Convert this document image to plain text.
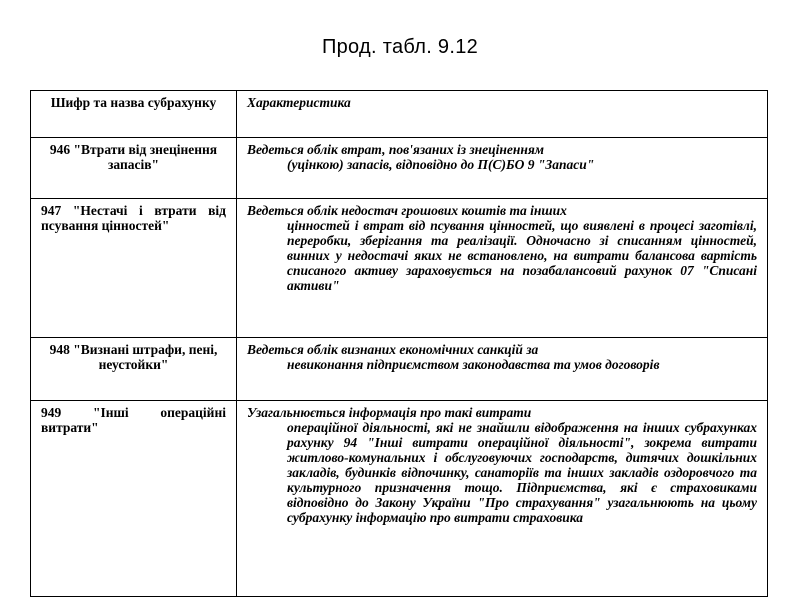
Прод. табл. 9.12
Шифр та назва субрахунку	Характеристика
946 "Втрати від знецінення запасів"	Ведеться облік втрат, пов'язаних із знеціненням
(уцінкою) запасів, відповідно до П(С)БО 9 "Запаси"

947 "Нестачі і втрати від псування цінностей"	Ведеться облік недостач грошових коштів та інших
цінностей і втрат від псування цінностей, що виявлені в процесі заготівлі, переробки, зберігання та реалізації. Одночасно зі списанням цінностей, винних у недостачі яких не встановлено, на витрати балансова вартість списаного активу зараховується на позабалансовий рахунок 07 "Списані активи"

948 "Визнані штрафи, пені, неустойки"	Ведеться облік визнаних економічних санкцій за
невиконання підприємством законодавства та умов договорів

949 "Інші операційні витрати"	Узагальнюється інформація про такі витрати
операційної діяльності, які не знайшли відображення на інших субрахунках рахунку 94 "Інші витрати операційної діяльності", зокрема витрати житлово-комунальних і обслуговуючих господарств, дитячих дошкільних закладів, будинків відпочинку, санаторіїв та інших закладів оздоровчого та культурного призначення тощо. Підприємства, які є страховиками відповідно до Закону України "Про страхування" узагальнюють на цьому субрахунку інформацію про витрати страховика
